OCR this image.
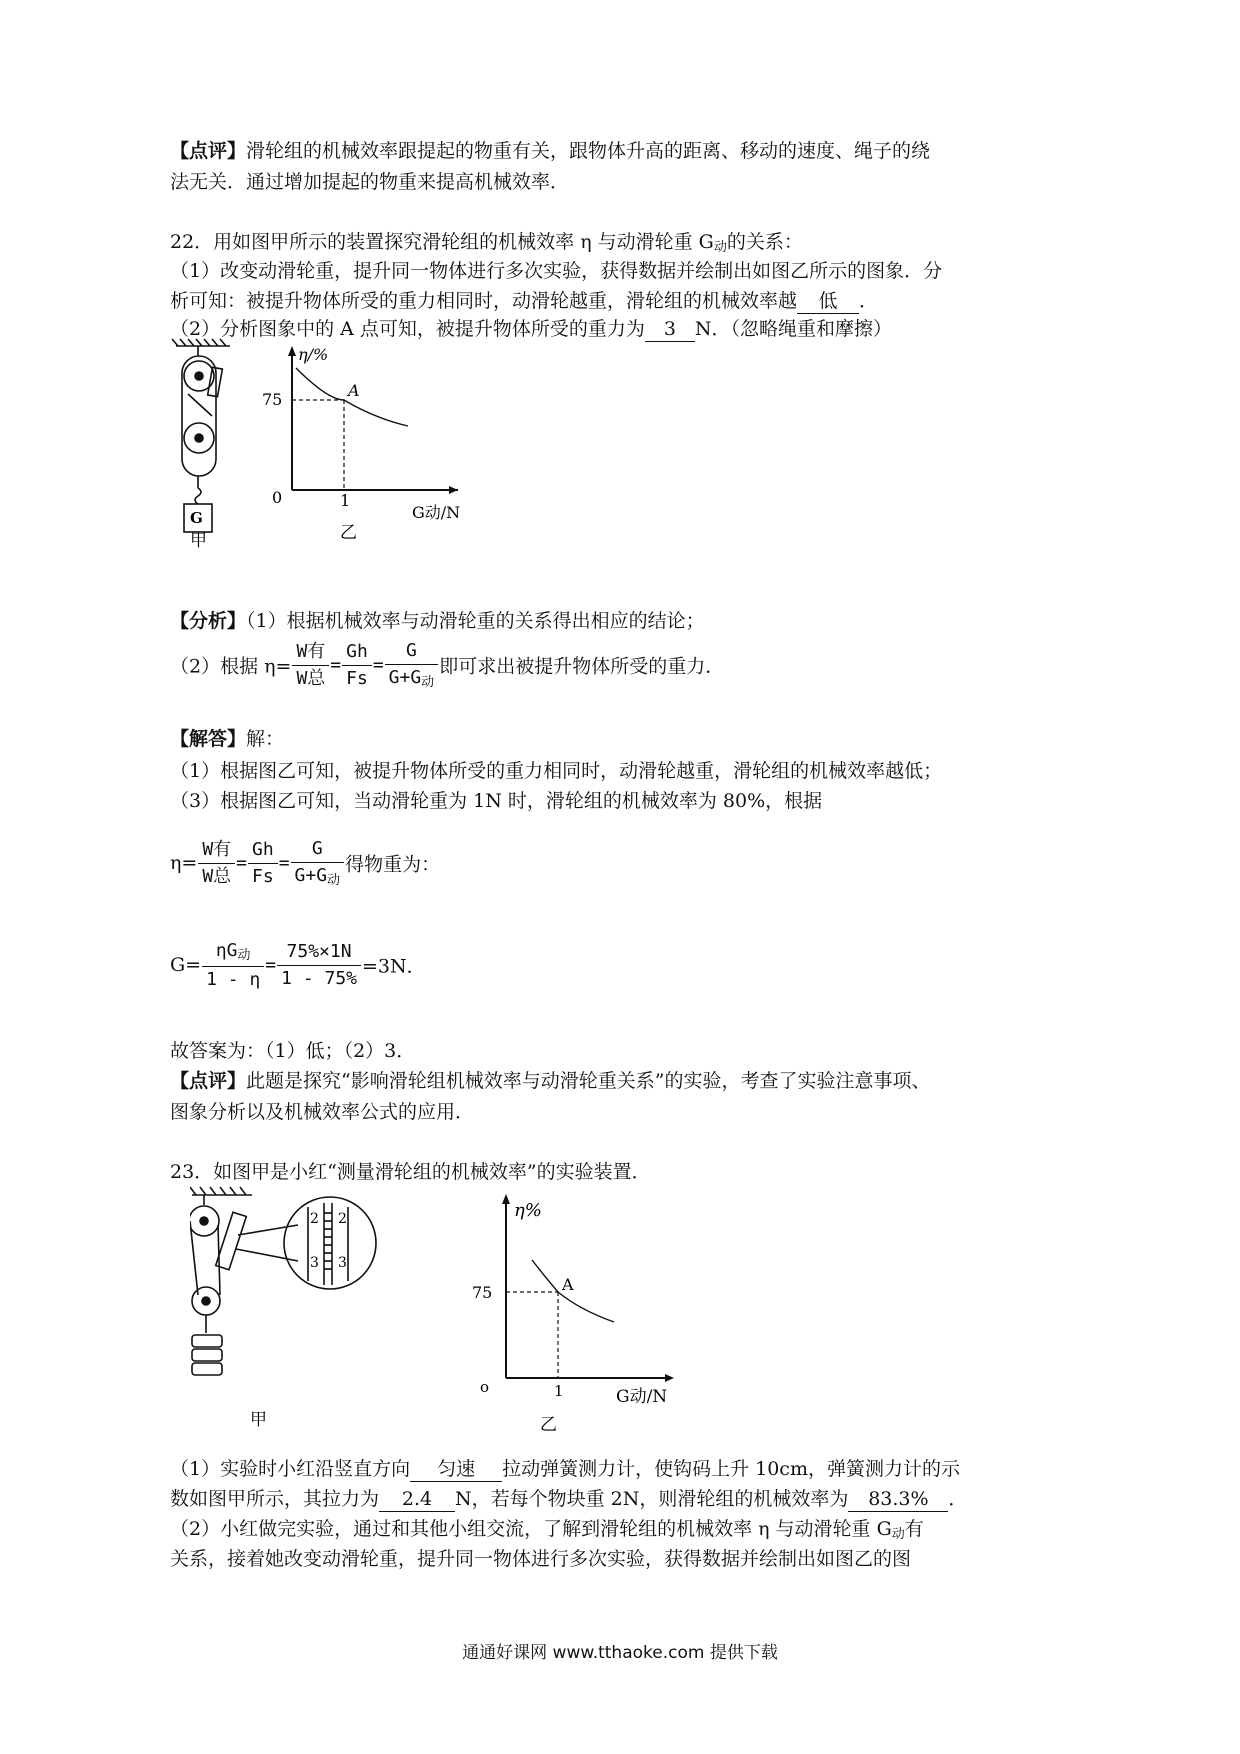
【点评】滑轮组的机械效率跟提起的物重有关，跟物体升高的距离、移动的速度、绳子的绕
法无关．通过增加提起的物重来提高机械效率．
22．用如图甲所示的装置探究滑轮组的机械效率 η 与动滑轮重 $G_动$的关系：
（1）改变动滑轮重，提升同一物体进行多次实验，获得数据并绘制出如图乙所示的图象．分
析可知：被提升物体所受的重力相同时，动滑轮越重，滑轮组的机械效率越 低 ．
（2）分析图象中的 A 点可知，被提升物体所受的重力为 3 N．（忽略绳重和摩擦）
G
甲
η/%
75
0	1
A
G动/N
乙
【分析】（1）根据机械效率与动滑轮重的关系得出相应的结论；
（2）根据 $\eta= \frac{\text{W有}}{\text{W总}} = \frac{Gh}{Fs} = \frac{G}{G+G_动}$ 即可求出被提升物体所受的重力．
【解答】解：
（1）根据图乙可知，被提升物体所受的重力相同时，动滑轮越重，滑轮组的机械效率越低；
（3）根据图乙可知，当动滑轮重为 1N 时，滑轮组的机械效率为 80%，根据
$\eta= \frac{\text{W有}}{\text{W总}} = \frac{Gh}{Fs} = \frac{G}{G+G_动}$ 得物重为：
$G= \frac{\eta G_动}{1 - \eta} = \frac{75\%\times 1N}{1 - 75\%} =3N$．
故答案为：（1）低；（2）3．
【点评】此题是探究“影响滑轮组机械效率与动滑轮重关系”的实验，考查了实验注意事项、
图象分析以及机械效率公式的应用．
23．如图甲是小红“测量滑轮组的机械效率”的实验装置．
2 2
3 3
甲
η%
75
o	1
A
G动/N
乙
（1）实验时小红沿竖直方向 匀速 拉动弹簧测力计，使钩码上升 10cm，弹簧测力计的示
数如图甲所示，其拉力为 2.4 N，若每个物块重 2N，则滑轮组的机械效率为 83.3% ．
（2）小红做完实验，通过和其他小组交流，了解到滑轮组的机械效率 η 与动滑轮重 $G_动$有
关系，接着她改变动滑轮重，提升同一物体进行多次实验，获得数据并绘制出如图乙的图
通通好课网 www.tthaoke.com 提供下载
